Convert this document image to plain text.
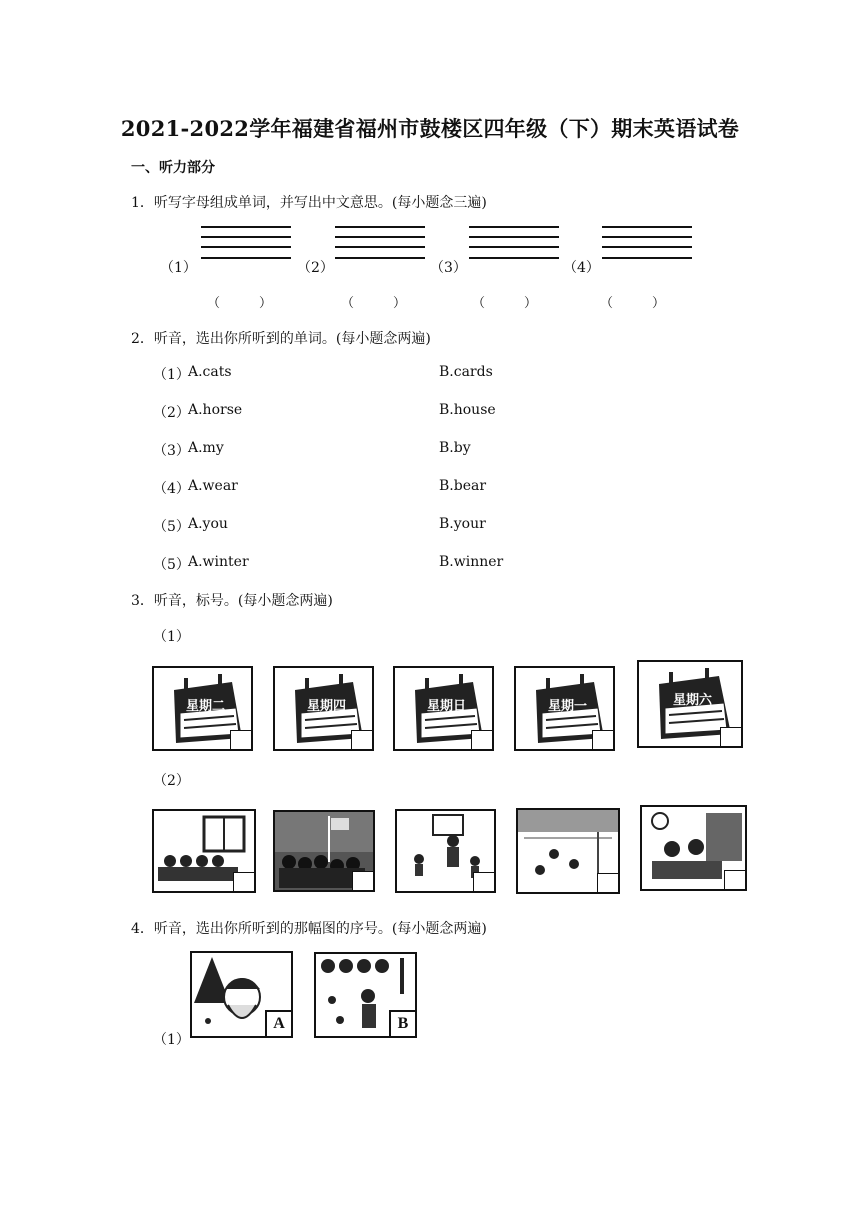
2021-2022学年福建省福州市鼓楼区四年级（下）期末英语试卷
一、听力部分
1．听写字母组成单词，并写出中文意思。(每小题念三遍)
（1）	（2）	（3）	（4）
（　　　）	（　　　）	（　　　）	（　　　）
2．听音，选出你所听到的单词。(每小题念两遍)
（1）
A.cats	B.cards
（2）
A.horse	B.house
（3）
A.my	B.by
（4）
A.wear	B.bear
（5）
A.you	B.your
（5）
A.winter	B.winner
3．听音，标号。(每小题念两遍)
（1）
星期二	星期四	星期日	星期一	星期六
（2）
4．听音，选出你所听到的那幅图的序号。(每小题念两遍)
（1）
A	B
